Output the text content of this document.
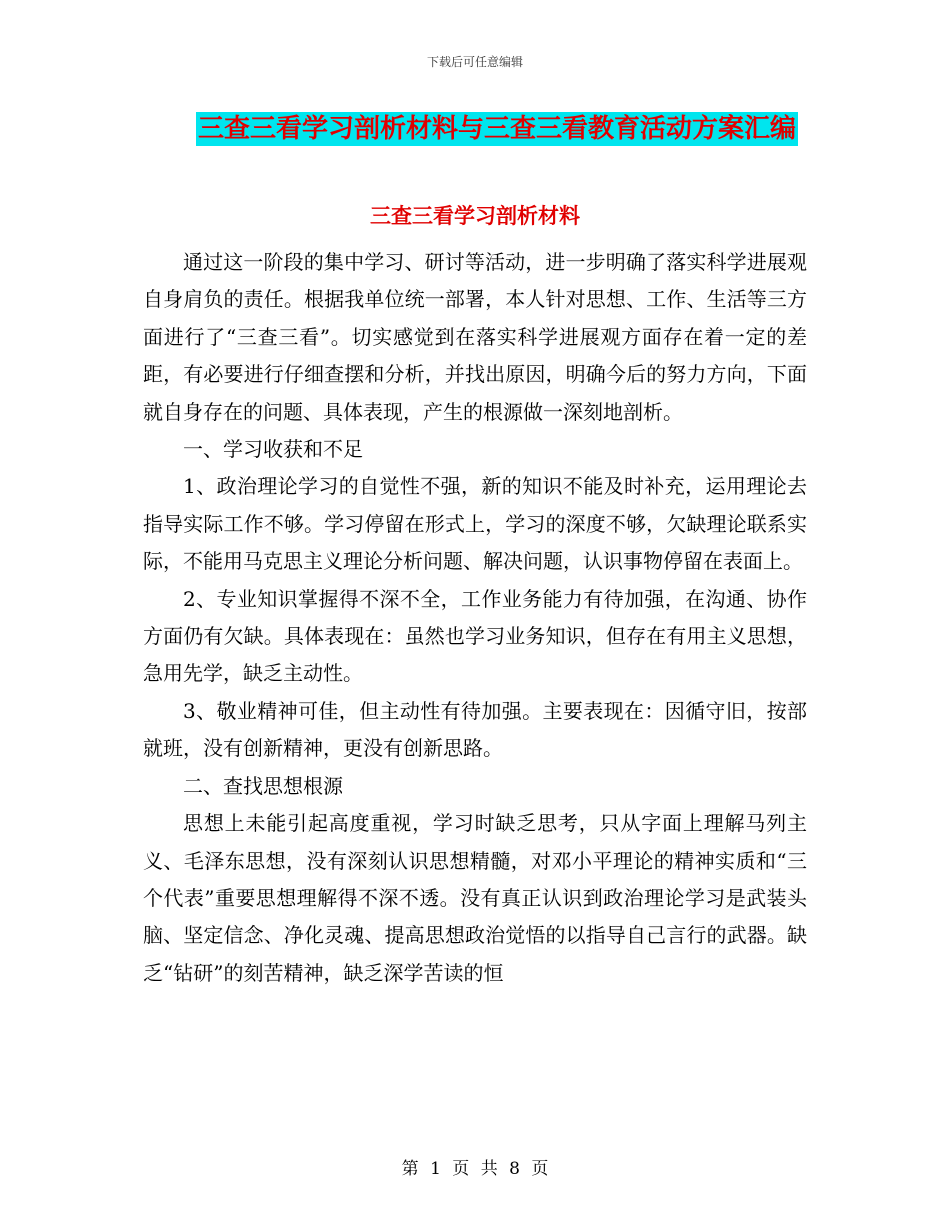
下载后可任意编辑
三查三看学习剖析材料与三查三看教育活动方案汇编
三查三看学习剖析材料

通过这一阶段的集中学习、研讨等活动，进一步明确了落实科学进展观自身肩负的责任。根据我单位统一部署，本人针对思想、工作、生活等三方面进行了“三查三看”。切实感觉到在落实科学进展观方面存在着一定的差距，有必要进行仔细查摆和分析，并找出原因，明确今后的努力方向，下面就自身存在的问题、具体表现，产生的根源做一深刻地剖析。

一、学习收获和不足

1、政治理论学习的自觉性不强，新的知识不能及时补充，运用理论去指导实际工作不够。学习停留在形式上，学习的深度不够，欠缺理论联系实际，不能用马克思主义理论分析问题、解决问题，认识事物停留在表面上。

2、专业知识掌握得不深不全，工作业务能力有待加强，在沟通、协作方面仍有欠缺。具体表现在：虽然也学习业务知识，但存在有用主义思想，急用先学，缺乏主动性。

3、敬业精神可佳，但主动性有待加强。主要表现在：因循守旧，按部就班，没有创新精神，更没有创新思路。

二、查找思想根源

思想上未能引起高度重视，学习时缺乏思考，只从字面上理解马列主义、毛泽东思想，没有深刻认识思想精髓，对邓小平理论的精神实质和“三个代表”重要思想理解得不深不透。没有真正认识到政治理论学习是武装头脑、坚定信念、净化灵魂、提高思想政治觉悟的以指导自己言行的武器。缺乏“钻研”的刻苦精神，缺乏深学苦读的恒

第 1 页 共 8 页
